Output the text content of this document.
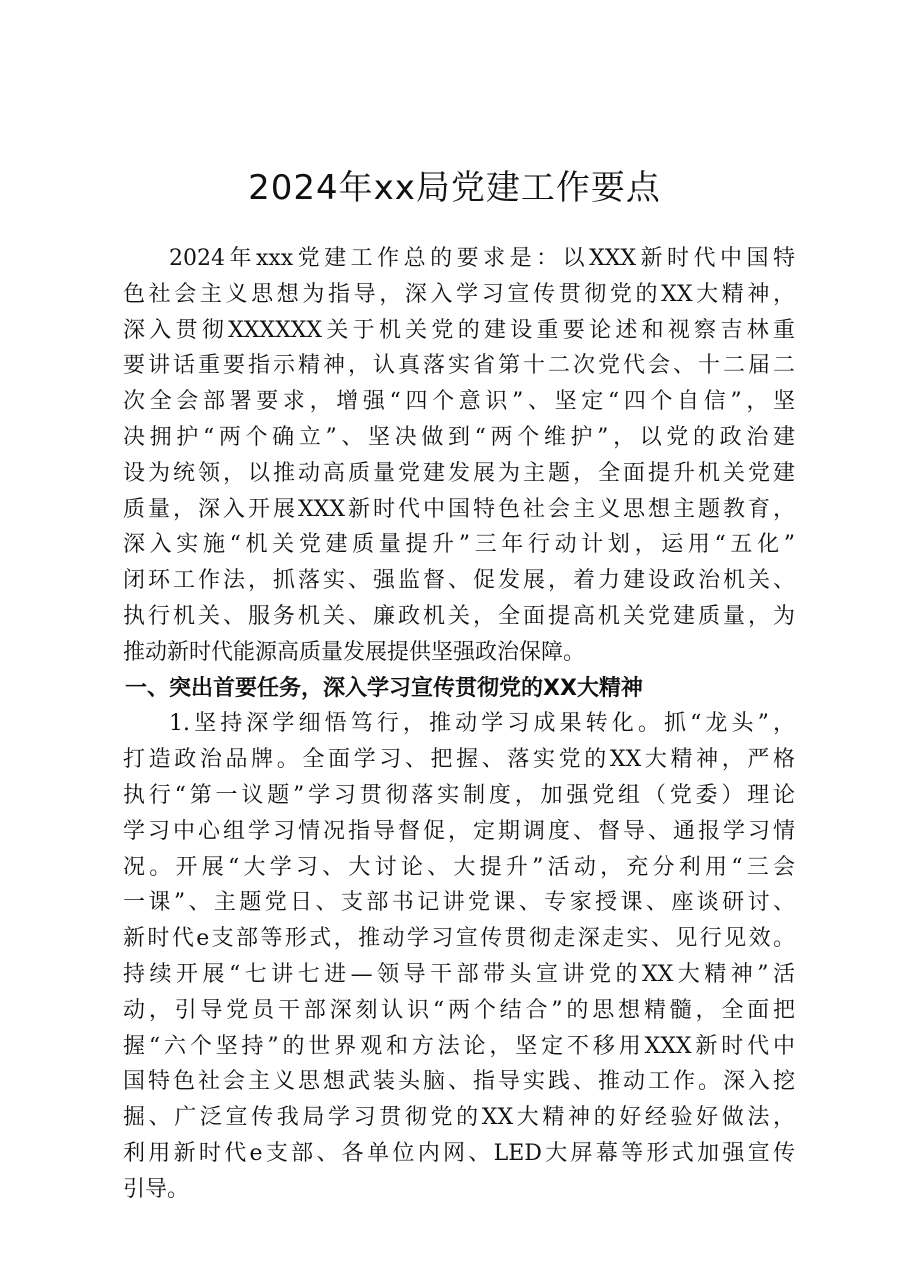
2024年xx局党建工作要点
2024年xxx党建工作总的要求是：以XXX新时代中国特
色社会主义思想为指导，深入学习宣传贯彻党的XX大精神，
深入贯彻XXXXXX关于机关党的建设重要论述和视察吉林重
要讲话重要指示精神，认真落实省第十二次党代会、十二届二
次全会部署要求，增强“四个意识”、坚定“四个自信”，坚
决拥护“两个确立”、坚决做到“两个维护”，以党的政治建
设为统领，以推动高质量党建发展为主题，全面提升机关党建
质量，深入开展XXX新时代中国特色社会主义思想主题教育，
深入实施“机关党建质量提升”三年行动计划，运用“五化”
闭环工作法，抓落实、强监督、促发展，着力建设政治机关、
执行机关、服务机关、廉政机关，全面提高机关党建质量，为
推动新时代能源高质量发展提供坚强政治保障。
一、突出首要任务，深入学习宣传贯彻党的XX大精神
1.坚持深学细悟笃行，推动学习成果转化。抓“龙头”，
打造政治品牌。全面学习、把握、落实党的XX大精神，严格
执行“第一议题”学习贯彻落实制度，加强党组（党委）理论
学习中心组学习情况指导督促，定期调度、督导、通报学习情
况。开展“大学习、大讨论、大提升”活动，充分利用“三会
一课”、主题党日、支部书记讲党课、专家授课、座谈研讨、
新时代e支部等形式，推动学习宣传贯彻走深走实、见行见效。
持续开展“七讲七进—领导干部带头宣讲党的XX大精神”活
动，引导党员干部深刻认识“两个结合”的思想精髓，全面把
握“六个坚持”的世界观和方法论，坚定不移用XXX新时代中
国特色社会主义思想武装头脑、指导实践、推动工作。深入挖
掘、广泛宣传我局学习贯彻党的XX大精神的好经验好做法，
利用新时代e支部、各单位内网、LED大屏幕等形式加强宣传
引导。
